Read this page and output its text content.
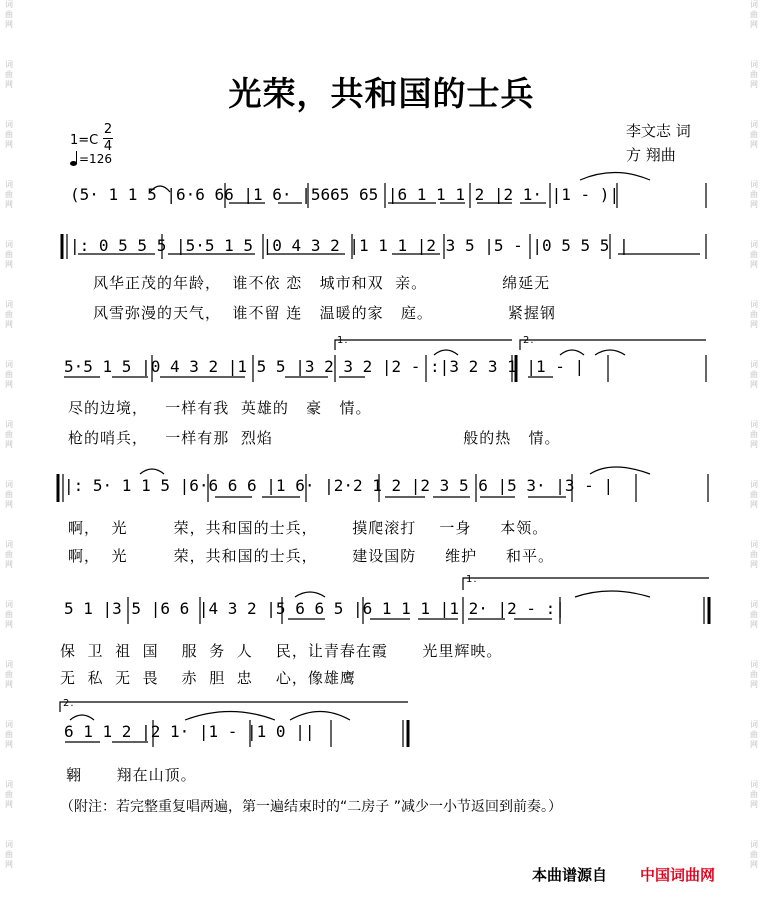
词
曲
网
词
曲
网
词
曲
网
词
曲
网
词
曲
网
词
曲
网
词
曲
网
词
曲
网
词
曲
网
词
曲
网
词
曲
网
词
曲
网
词
曲
网
词
曲
网
词
曲
网
词
曲
网
词
曲
网
词
曲
网
词
曲
网
词
曲
网
词
曲
网
词
曲
网
词
曲
网
词
曲
网
词
曲
网
词
曲
网
词
曲
网
词
曲
网
词
曲
网
词
曲
网
光荣，共和国的士兵
李文志 词
方 翔曲
1=C
2
4
=126
(5· 1 1 5 |6·6 66 |1 6· |5665 65 |6 1 1 1 2 |2 1· |1 - )|
|: 0 5 5 5 |5·5 1 5 |0 4 3 2 |1 1 1 |2 3 5 |5 - |0 5 5 5 |
5·5 1 5 |0 4 3 2 |1 5 5 |3 2 3 2 |2 - :|3 2 3 1 |1 - |
|: 5· 1 1 5 |6·6 6 6 |1 6· |2·2 1 2 |2 3 5 6 |5 3· |3 - |
5 1 |3 5 |6 6 |4 3 2 |5 6 6 5 |6 1 1 1 |1 2· |2 - :|
6 1 1 2 |2 1· |1 - |1 0 ||
1.	2.
1.
2.
风华正茂的年龄，  谁不依 恋   城市和双  亲。             绵延无
风雪弥漫的天气，  谁不留 连   温暖的家   庭。             紧握钢
尽的边境，   一样有我  英雄的   豪   情。
枪的哨兵，   一样有那  烈焰                                 般的热   情。
啊，  光        荣，共和国的士兵，      摸爬滚打    一身     本领。
啊，  光        荣，共和国的士兵，      建设国防     维护     和平。
保  卫  祖  国    服  务  人    民，让青春在霞      光里辉映。
无  私  无  畏    赤  胆  忠    心，像雄鹰
翱      翔在山顶。
（附注：若完整重复唱两遍，第一遍结束时的“二房子 ”减少一小节返回到前奏。）
本曲谱源自 中国词曲网
